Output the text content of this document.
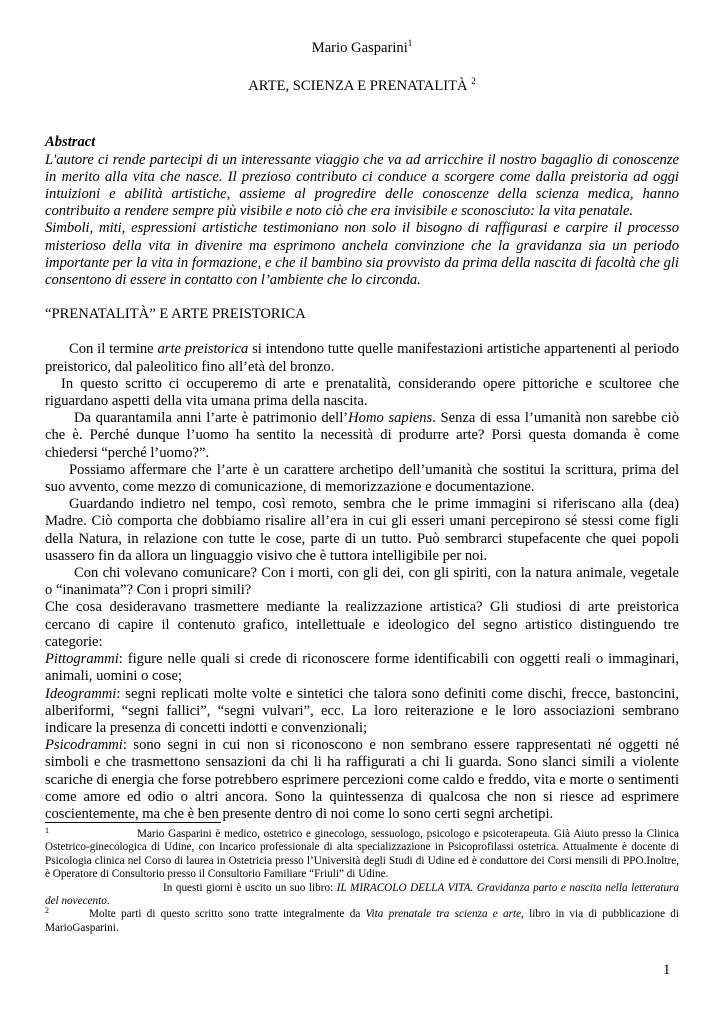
Mario Gasparini$^1$
ARTE, SCIENZA E PRENATALITÀ $^2$
Abstract

L'autore ci rende partecipi di un interessante viaggio che va ad arricchire il nostro bagaglio di conoscenze in merito alla vita che nasce. Il prezioso contributo ci conduce a scorgere come dalla preistoria ad oggi intuizioni e abilità artistiche, assieme al progredire delle conoscenze della scienza medica, hanno contribuito a rendere sempre più visibile e noto ciò che era invisibile e sconosciuto: la vita penatale.

Simboli, miti, espressioni artistiche testimoniano non solo il bisogno di raffigurasi e carpire il processo misterioso della vita in divenire ma esprimono anchela convinzione che la gravidanza sia un periodo importante per la vita in formazione, e che il bambino sia provvisto da prima della nascita di facoltà che gli consentono di essere in contatto con l’ambiente che lo circonda.

“PRENATALITÀ” E ARTE PREISTORICA

Con il termine arte preistorica si intendono tutte quelle manifestazioni artistiche appartenenti al periodo preistorico, dal paleolitico fino all’età del bronzo.

In questo scritto ci occuperemo di arte e prenatalità, considerando opere pittoriche e scultoree che riguardano aspetti della vita umana prima della nascita.

Da quarantamila anni l’arte è patrimonio dell’Homo sapiens. Senza di essa l’umanità non sarebbe ciò che è. Perché dunque l’uomo ha sentito la necessità di produrre arte? Porsi questa domanda è come chiedersi “perché l’uomo?”.

Possiamo affermare che l’arte è un carattere archetipo dell’umanità che sostitui la scrittura, prima del suo avvento, come mezzo di comunicazione, di memorizzazione e documentazione.

Guardando indietro nel tempo, così remoto, sembra che le prime immagini si riferiscano alla (dea) Madre. Ciò comporta che dobbiamo risalire all’era in cui gli esseri umani percepirono sé stessi come figli della Natura, in relazione con tutte le cose, parte di un tutto. Può sembrarci stupefacente che quei popoli usassero fin da allora un linguaggio visivo che è tuttora intelligibile per noi.

Con chi volevano comunicare? Con i morti, con gli dei, con gli spiriti, con la natura animale, vegetale o “inanimata”? Con i propri simili?

Che cosa desideravano trasmettere mediante la realizzazione artistica? Gli studiosi di arte preistorica cercano di capire il contenuto grafico, intellettuale e ideologico del segno artistico distinguendo tre categorie:

Pittogrammi: figure nelle quali si crede di riconoscere forme identificabili con oggetti reali o immaginari, animali, uomini o cose;

Ideogrammi: segni replicati molte volte e sintetici che talora sono definiti come dischi, frecce, bastoncini, alberiformi, “segni fallici”, “segni vulvari”, ecc. La loro reiterazione e le loro associazioni sembrano indicare la presenza di concetti indotti e convenzionali;

Psicodrammi: sono segni in cui non si riconoscono e non sembrano essere rappresentati né oggetti né simboli e che trasmettono sensazioni da chi li ha raffigurati a chi li guarda. Sono slanci simili a violente scariche di energia che forse potrebbero esprimere percezioni come caldo e freddo, vita e morte o sentimenti come amore ed odio o altri ancora. Sono la quintessenza di qualcosa che non si riesce ad esprimere coscientemente, ma che è ben presente dentro di noi come lo sono certi segni archetipi.

$^1$	Mario Gasparini è medico, ostetrico e ginecologo, sessuologo, psicologo e psicoterapeuta. Già Aiuto presso la Clinica Ostetrico-ginecologica di Udine, con Incarico professionale di alta specializzazione in Psicoprofilassi ostetrica. Attualmente è docente di Psicologia clinica nel Corso di laurea in Ostetricia presso l’Università degli Studi di Udine ed è conduttore dei Corsi mensili di PPO.Inoltre, è Operatore di Consultorio presso il Consultorio Familiare “Friuli” di Udine.

In questi giorni è uscito un suo libro: IL MIRACOLO DELLA VITA. Gravidanza parto e nascita nella letteratura del novecento.

$^2$	Molte parti di questo scritto sono tratte integralmente da Vita prenatale tra scienza e arte, libro in via di pubblicazione di MarioGasparini.

1
